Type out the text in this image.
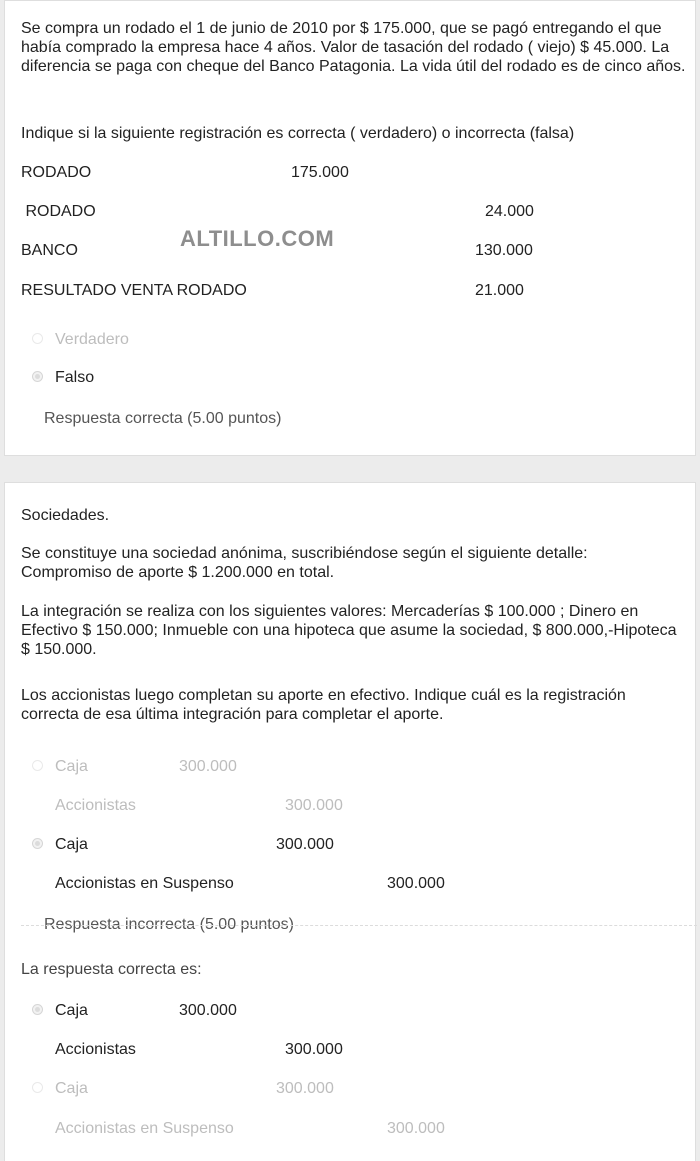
Se compra un rodado el 1 de junio de 2010 por $ 175.000, que se pagó entregando el que había comprado la empresa hace 4 años. Valor de tasación del rodado ( viejo) $ 45.000. La diferencia se paga con cheque del Banco Patagonia. La vida útil del rodado es de cinco años.
Indique si la siguiente registración es correcta ( verdadero) o incorrecta (falsa)
RODADO	175.000
RODADO	24.000
BANCO	130.000
RESULTADO VENTA RODADO	21.000
Verdadero
Falso
Respuesta correcta (5.00 puntos)
ALTILLO.COM
Sociedades.
Se constituye una sociedad anónima, suscribiéndose según el siguiente detalle: Compromiso de aporte $ 1.200.000 en total.
La integración se realiza con los siguientes valores: Mercaderías $ 100.000 ; Dinero en Efectivo $ 150.000; Inmueble con una hipoteca que asume la sociedad, $ 800.000,-Hipoteca $ 150.000.
Los accionistas luego completan su aporte en efectivo. Indique cuál es la registración correcta de esa última integración para completar el aporte.
Caja	300.000
Accionistas	300.000
Caja	300.000
Accionistas en Suspenso	300.000
Respuesta incorrecta (5.00 puntos)
La respuesta correcta es:
Caja	300.000
Accionistas	300.000
Caja	300.000
Accionistas en Suspenso	300.000
